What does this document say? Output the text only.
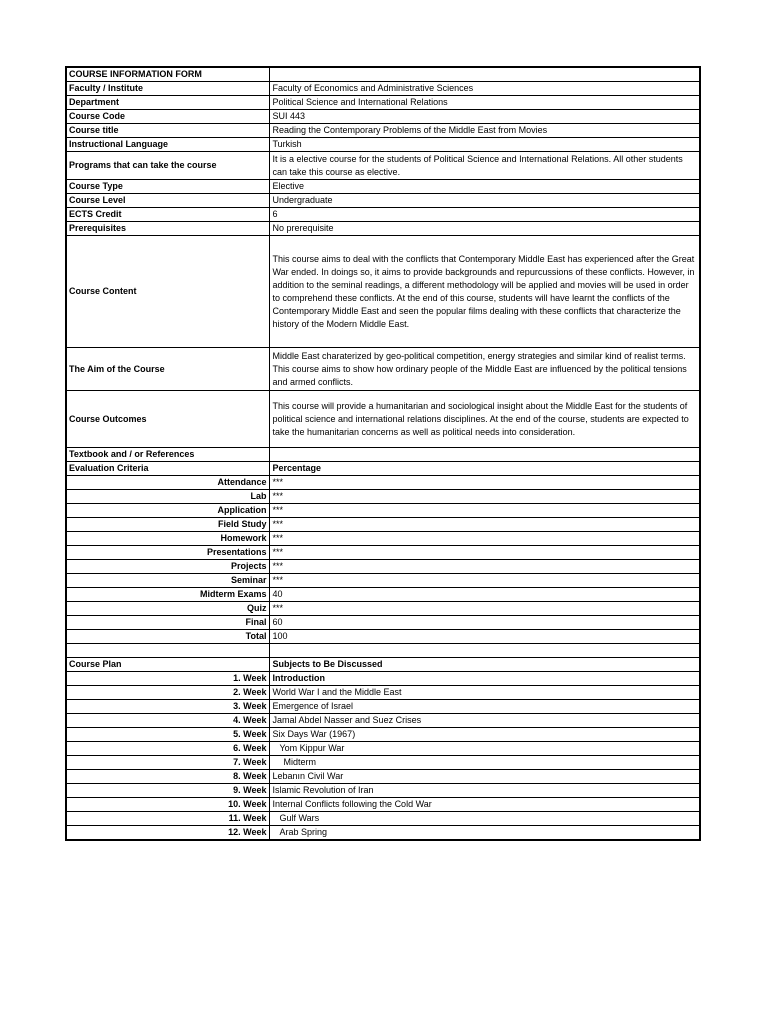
COURSE INFORMATION FORM	
Faculty / Institute	Faculty of Economics and Administrative Sciences
Department	Political Science and International Relations
Course Code	SUI 443
Course title	Reading the Contemporary Problems of the Middle East from Movies
Instructional Language	Turkish
Programs that can take the course	It is a elective course for the students of Political Science and International Relations. All other students can take this course as elective.
Course Type	Elective
Course Level	Undergraduate
ECTS Credit	6
Prerequisites	No prerequisite
Course Content	This course aims to deal with the conflicts that Contemporary Middle East has experienced after the Great War ended. In doings so, it aims to provide backgrounds and repurcussions of these conflicts. However, in addition to the seminal readings, a different methodology will be applied and movies will be used in order to comprehend these conflicts. At the end of this course, students will have learnt the conflicts of the Contemporary Middle East and seen the popular films dealing with these conflicts that characterize the history of the Modern Middle East.
The Aim of the Course	Middle East charaterized by geo-political competition, energy strategies and similar kind of realist terms. This course aims to show how ordinary people of the Middle East are influenced by the political tensions and armed conflicts.
Course Outcomes	This course will provide a humanitarian and sociological insight about the Middle East for the students of political science and international relations disciplines. At the end of the course, students are expected to take the humanitarian concerns as well as political needs into consideration.
Textbook and / or References	
Evaluation Criteria	Percentage
Attendance	***
Lab	***
Application	***
Field Study	***
Homework	***
Presentations	***
Projects	***
Seminar	***
Midterm Exams	40
Quiz	***
Final	60
Total	100

Course Plan	Subjects to Be Discussed
1. Week	Introduction
2. Week	World War I and the Middle East
3. Week	Emergence of Israel
4. Week	Jamal Abdel Nasser and Suez Crises
5. Week	Six Days War (1967)
6. Week	Yom Kippur War
7. Week	Midterm
8. Week	Lebanın Civil War
9. Week	Islamic Revolution of Iran
10. Week	Internal Conflicts following the Cold War
11. Week	Gulf Wars
12. Week	Arab Spring
